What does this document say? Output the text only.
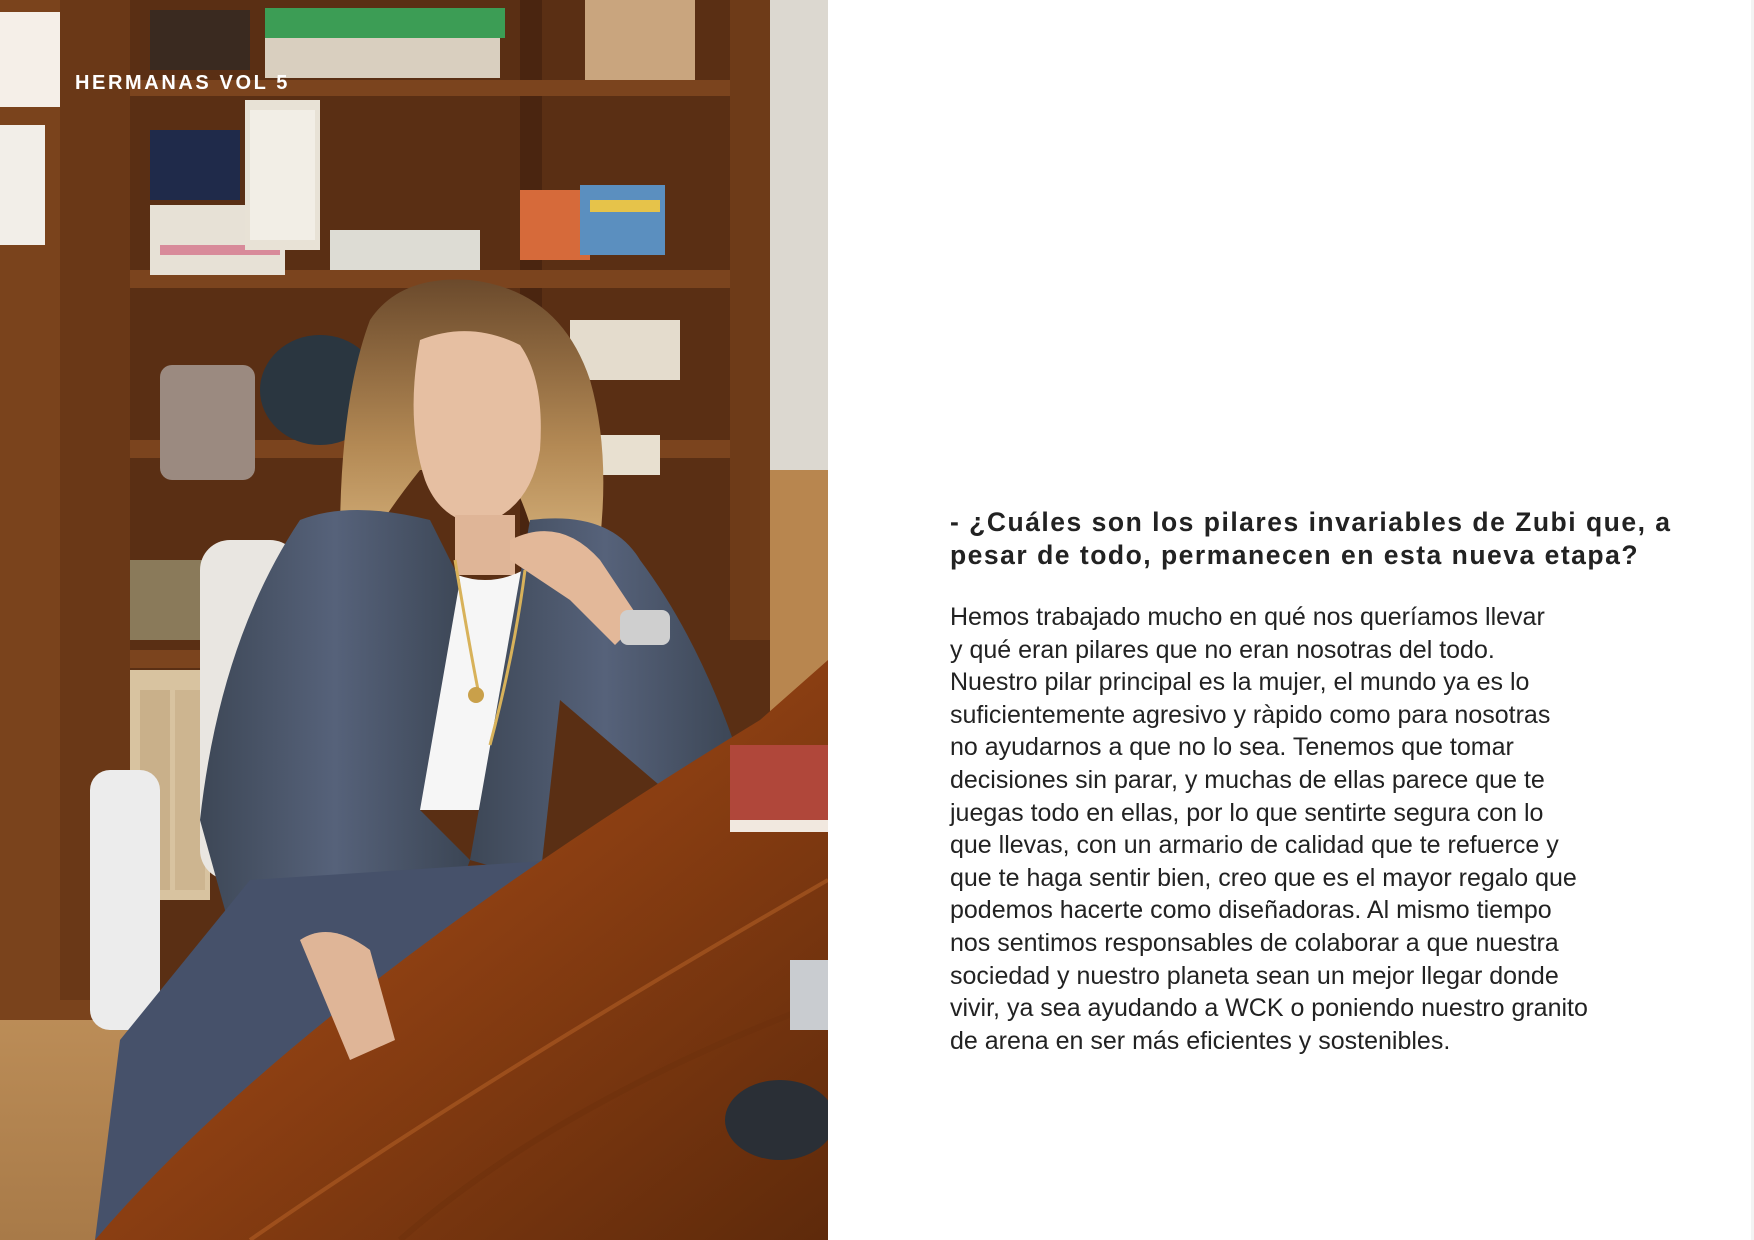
HERMANAS VOL 5
- ¿Cuáles son los pilares invariables de Zubi que, a pesar de todo, permanecen en esta nueva etapa?

Hemos trabajado mucho en qué nos queríamos llevar
y qué eran pilares que no eran nosotras del todo.
Nuestro pilar principal es la mujer, el mundo ya es lo
suficientemente agresivo y ràpido como para nosotras
no ayudarnos a que no lo sea. Tenemos que tomar
decisiones sin parar, y muchas de ellas parece que te
juegas todo en ellas, por lo que sentirte segura con lo
que llevas, con un armario de calidad que te refuerce y
que te haga sentir bien, creo que es el mayor regalo que
podemos hacerte como diseñadoras. Al mismo tiempo
nos sentimos responsables de colaborar a que nuestra
sociedad y nuestro planeta sean un mejor llegar donde
vivir, ya sea ayudando a WCK o poniendo nuestro granito
de arena en ser más eficientes y sostenibles.
